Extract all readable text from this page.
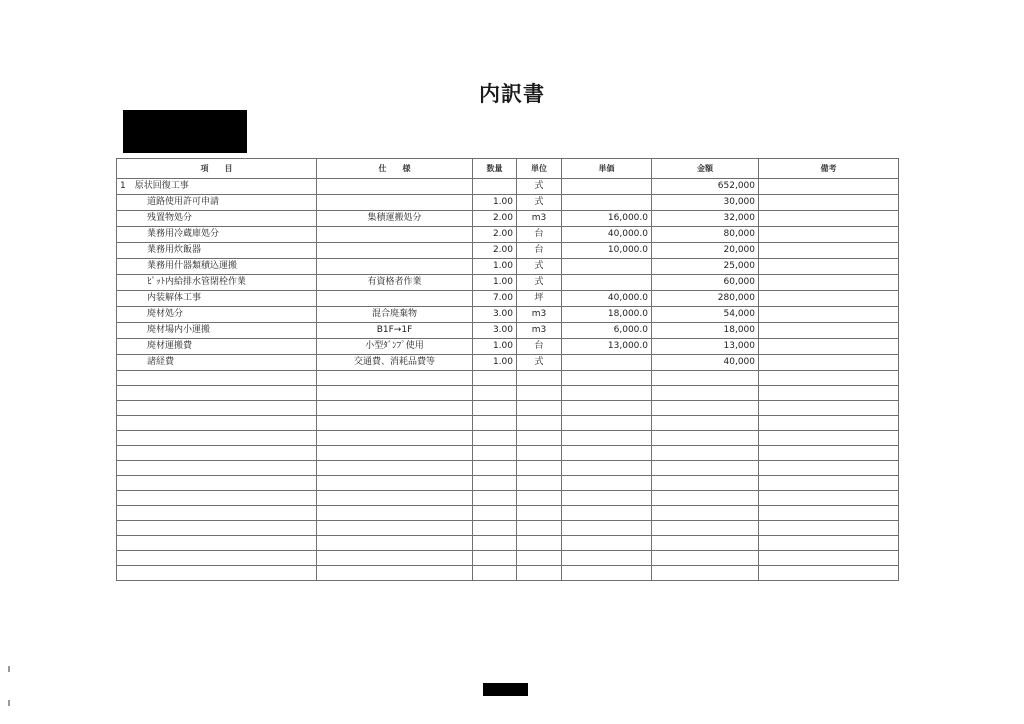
内訳書
項　　目	仕　　様	数量	単位	単価	金額	備考
1　原状回復工事			式		652,000	
道路使用許可申請		1.00	式		30,000	
残置物処分	集積運搬処分	2.00	m3	16,000.0	32,000	
業務用冷蔵庫処分		2.00	台	40,000.0	80,000	
業務用炊飯器		2.00	台	10,000.0	20,000	
業務用什器類積込運搬		1.00	式		25,000	
ﾋﾟｯﾄ内給排水管閉栓作業	有資格者作業	1.00	式		60,000	
内装解体工事		7.00	坪	40,000.0	280,000	
廃材処分	混合廃棄物	3.00	m3	18,000.0	54,000	
廃材場内小運搬	B1F→1F	3.00	m3	6,000.0	18,000	
廃材運搬費	小型ﾀﾞﾝﾌﾟ使用	1.00	台	13,000.0	13,000	
諸経費	交通費、消耗品費等	1.00	式		40,000	
